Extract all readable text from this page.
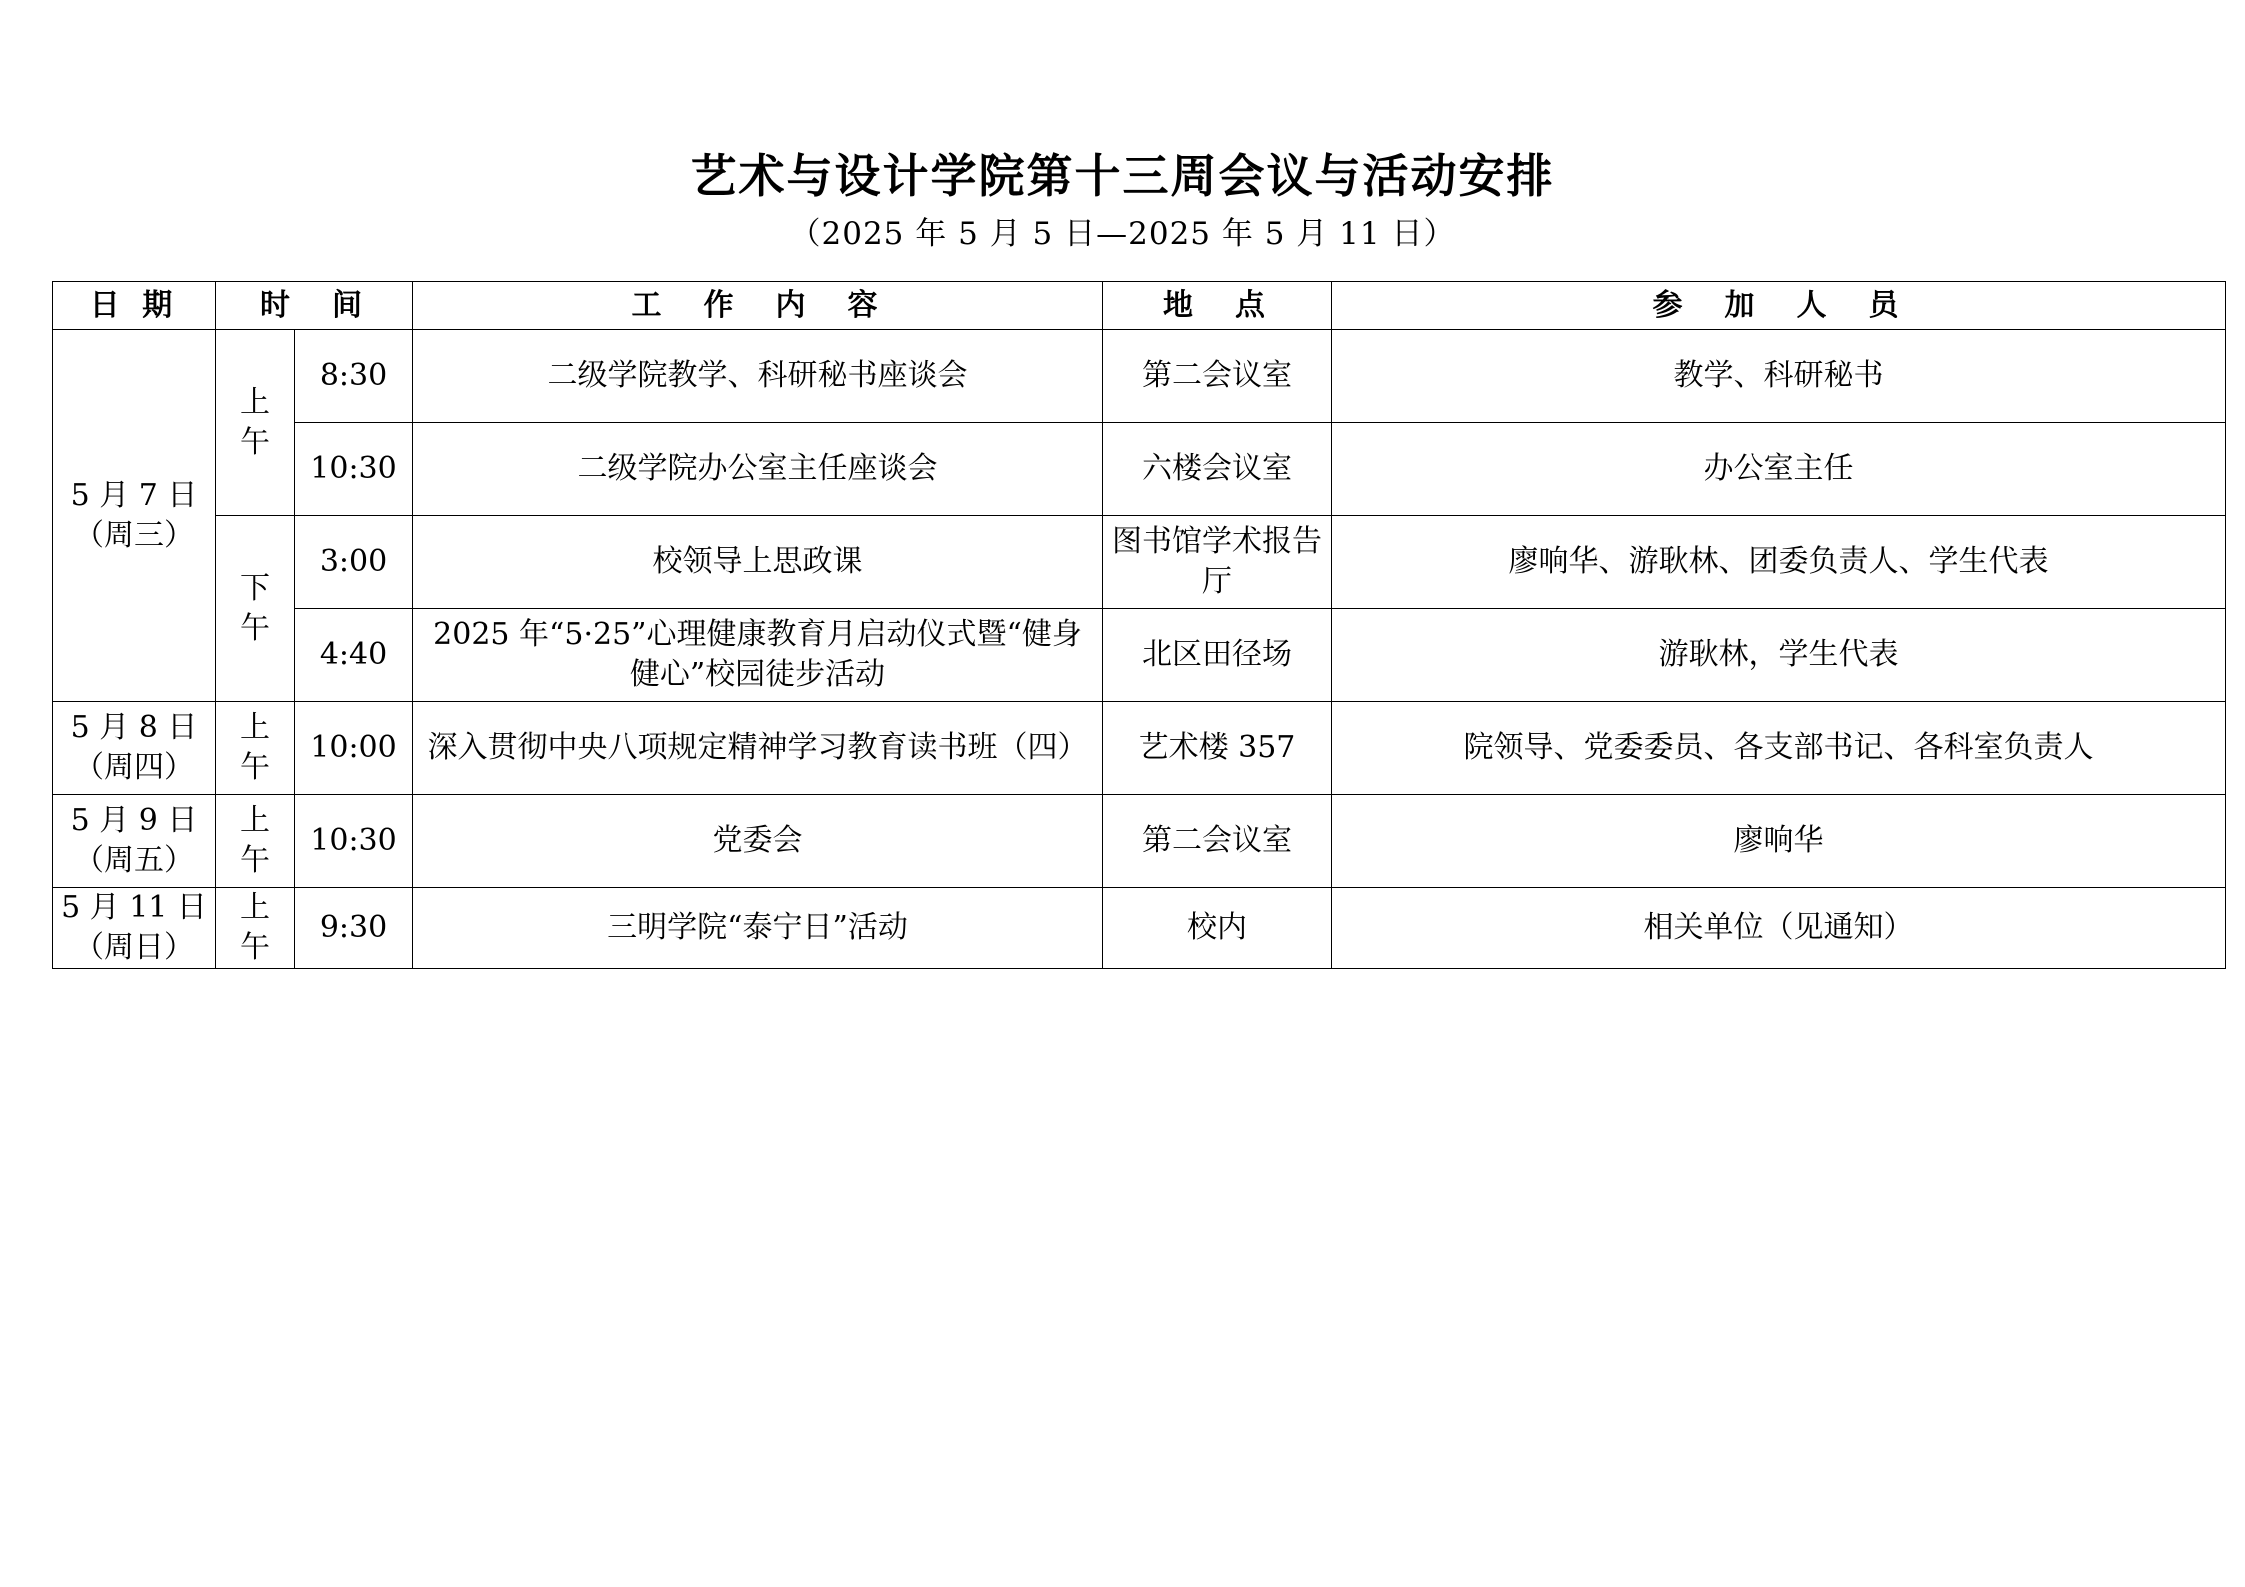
艺术与设计学院第十三周会议与活动安排
（2025 年 5 月 5 日—2025 年 5 月 11 日）
日 期	时　间		工　作　内　容	地　点	参　加　人　员

5 月 7 日
（周三）	上午	8:30	二级学院教学、科研秘书座谈会	第二会议室	教学、科研秘书
		10:30	二级学院办公室主任座谈会	六楼会议室	办公室主任
	下午	3:00	校领导上思政课	图书馆学术报告厅	廖响华、游耿林、团委负责人、学生代表
		4:40	2025 年“5·25”心理健康教育月启动仪式暨“健身健心”校园徒步活动	北区田径场	游耿林，学生代表

5 月 8 日
（周四）	上午	10:00	深入贯彻中央八项规定精神学习教育读书班（四）	艺术楼 357	院领导、党委委员、各支部书记、各科室负责人

5 月 9 日
（周五）	上午	10:30	党委会	第二会议室	廖响华

5 月 11 日
（周日）	上午	9:30	三明学院“泰宁日”活动	校内	相关单位（见通知）
